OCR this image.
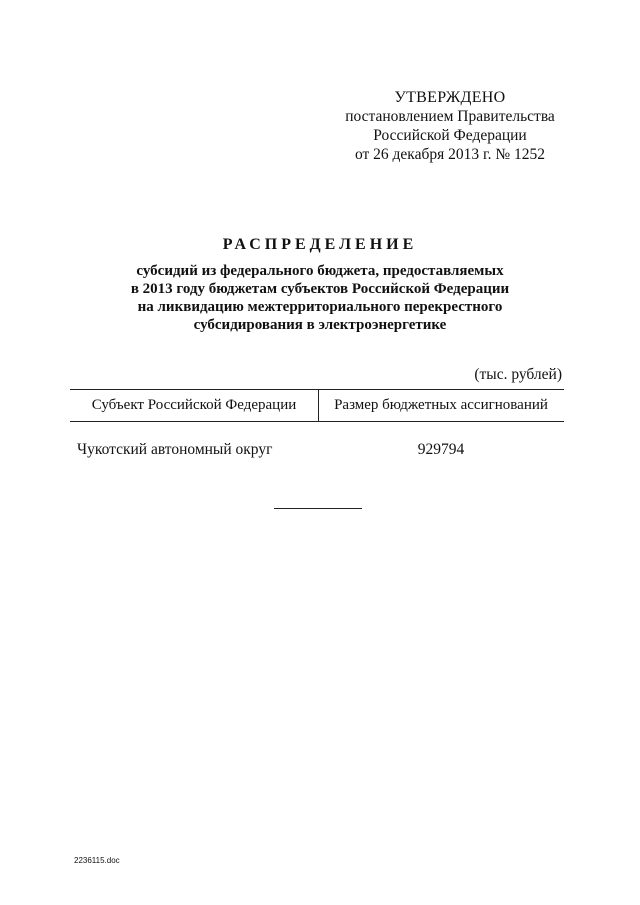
УТВЕРЖДЕНО
постановлением Правительства
Российской Федерации
от 26 декабря 2013 г. № 1252
РАСПРЕДЕЛЕНИЕ
субсидий из федерального бюджета, предоставляемых
в 2013 году бюджетам субъектов Российской Федерации
на ликвидацию межтерриториального перекрестного
субсидирования в электроэнергетике
(тыс. рублей)
Субъект Российской Федерации	Размер бюджетных ассигнований
Чукотский автономный округ	929794
2236115.doc
